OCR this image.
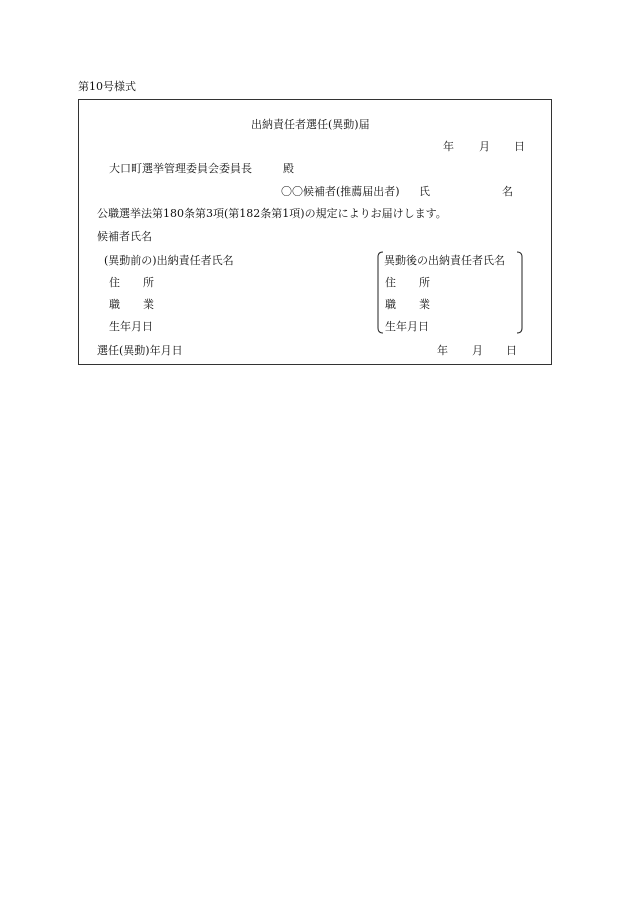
第10号様式
出納責任者選任(異動)届
年 月 日
大口町選挙管理委員会委員長	殿
〇〇候補者(推薦届出者) 氏	名
公職選挙法第180条第3項(第182条第1項)の規定によりお届けします。
候補者氏名
(異動前の)出納責任者氏名
住 所
職 業
生年月日
異動後の出納責任者氏名
住 所
職 業
生年月日
選任(異動)年月日	年 月 日
